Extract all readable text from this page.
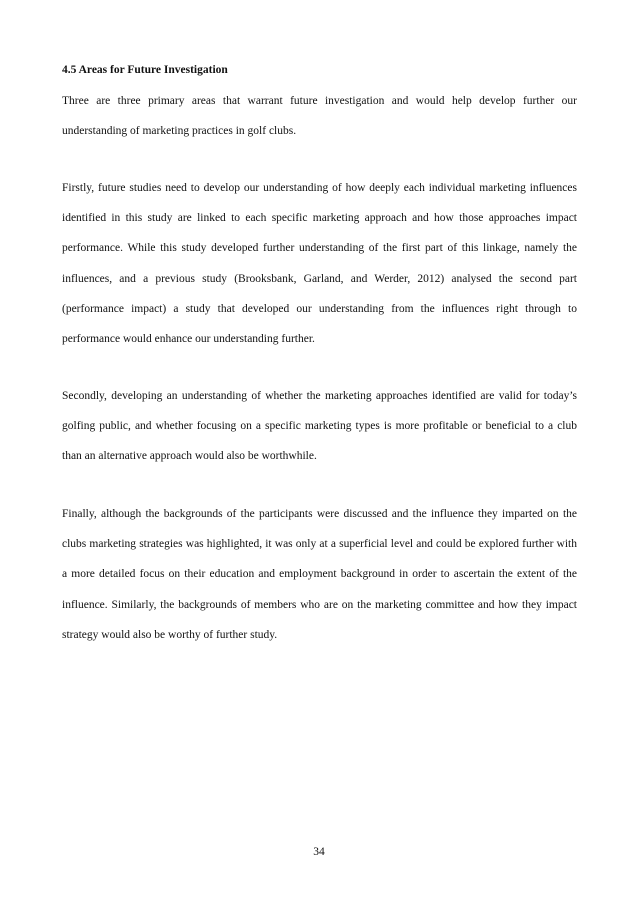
4.5 Areas for Future Investigation

Three are three primary areas that warrant future investigation and would help develop further our understanding of marketing practices in golf clubs.

Firstly, future studies need to develop our understanding of how deeply each individual marketing influences identified in this study are linked to each specific marketing approach and how those approaches impact performance. While this study developed further understanding of the first part of this linkage, namely the influences, and a previous study (Brooksbank, Garland, and Werder, 2012) analysed the second part (performance impact) a study that developed our understanding from the influences right through to performance would enhance our understanding further.

Secondly, developing an understanding of whether the marketing approaches identified are valid for today’s golfing public, and whether focusing on a specific marketing types is more profitable or beneficial to a club than an alternative approach would also be worthwhile.

Finally, although the backgrounds of the participants were discussed and the influence they imparted on the clubs marketing strategies was highlighted, it was only at a superficial level and could be explored further with a more detailed focus on their education and employment background in order to ascertain the extent of the influence. Similarly, the backgrounds of members who are on the marketing committee and how they impact strategy would also be worthy of further study.

34
